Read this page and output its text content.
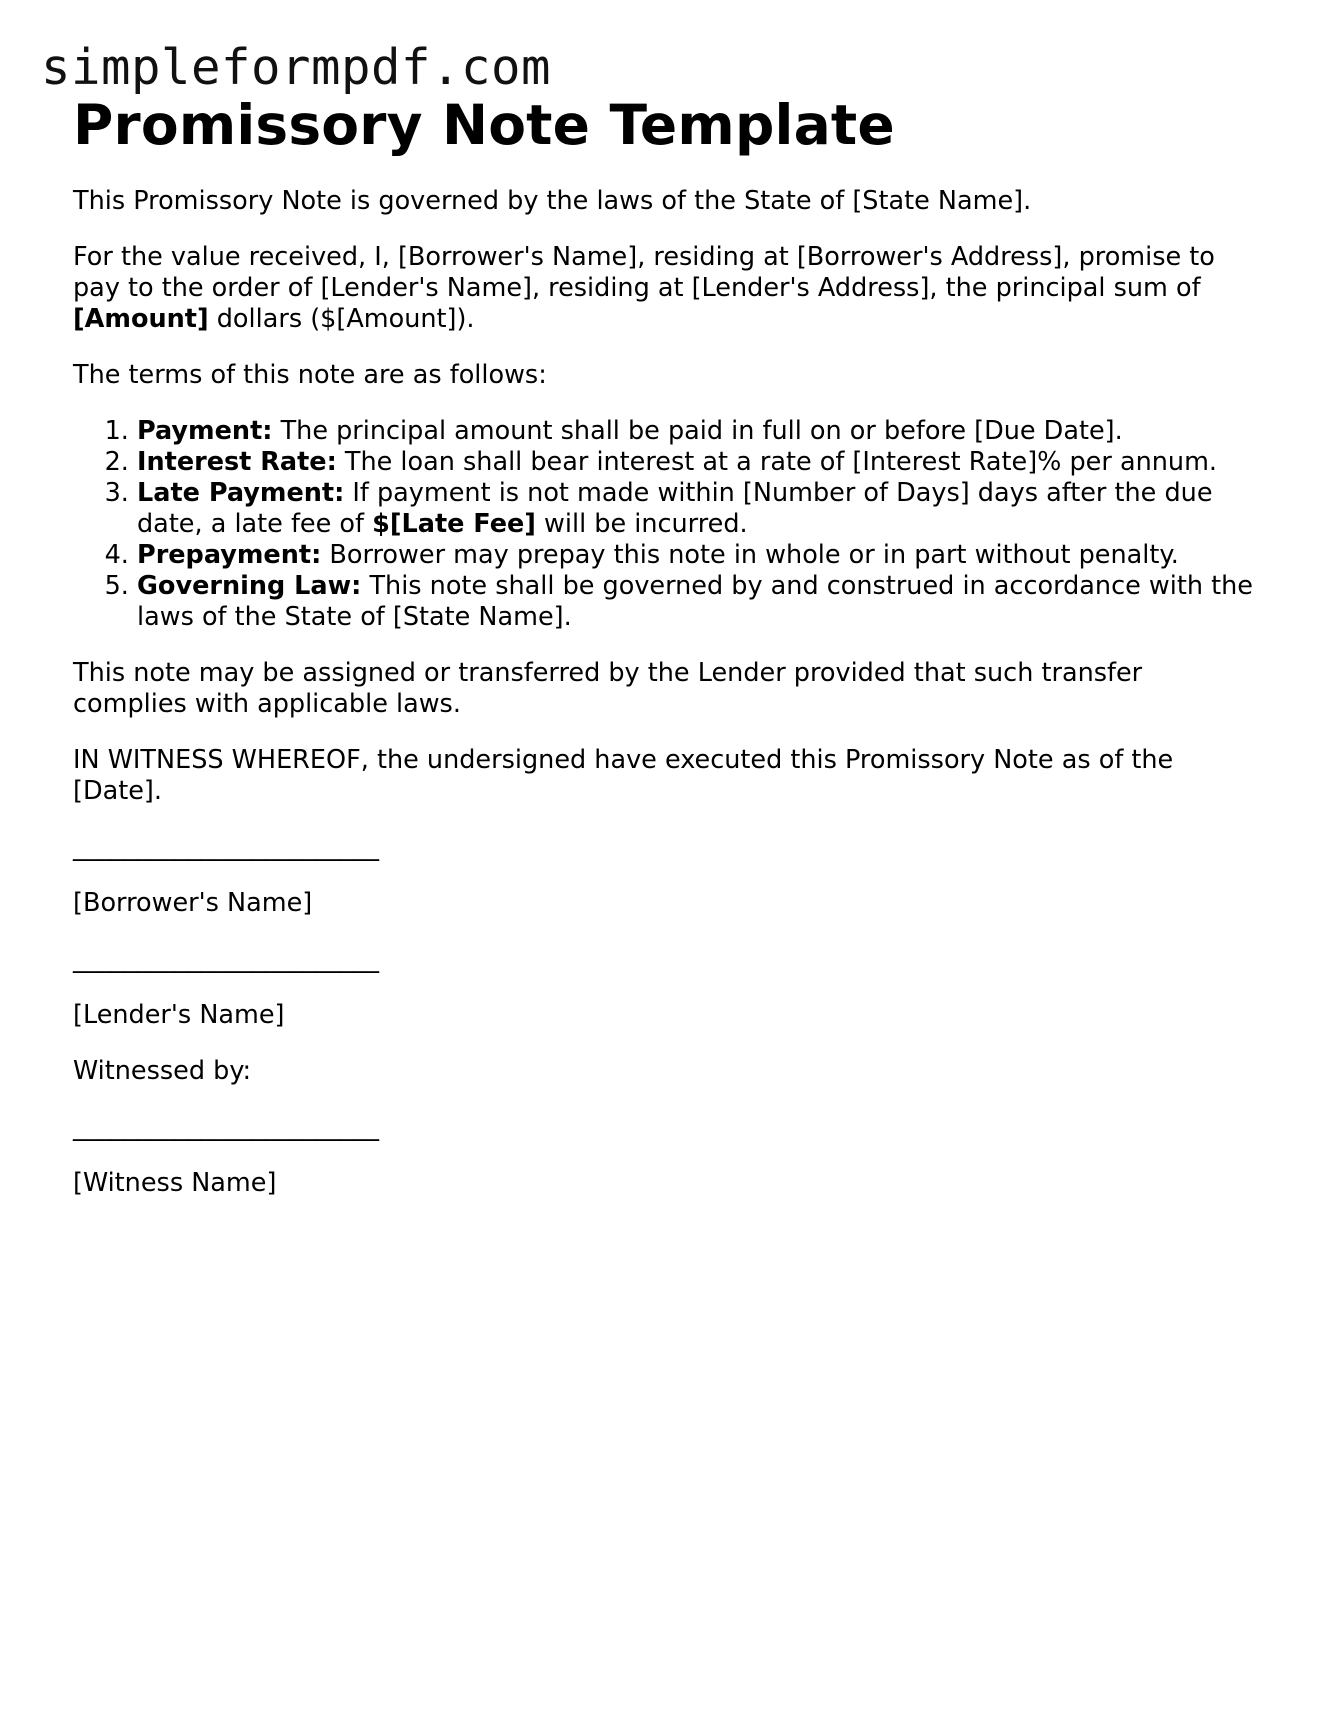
simpleformpdf.com
Promissory Note Template

This Promissory Note is governed by the laws of the State of [State Name].

For the value received, I, [Borrower's Name], residing at [Borrower's Address], promise to pay to the order of [Lender's Name], residing at [Lender's Address], the principal sum of [Amount] dollars ($[Amount]).

The terms of this note are as follows:

1. Payment: The principal amount shall be paid in full on or before [Due Date].
2. Interest Rate: The loan shall bear interest at a rate of [Interest Rate]% per annum.
3. Late Payment: If payment is not made within [Number of Days] days after the due date, a late fee of $[Late Fee] will be incurred.
4. Prepayment: Borrower may prepay this note in whole or in part without penalty.
5. Governing Law: This note shall be governed by and construed in accordance with the laws of the State of [State Name].

This note may be assigned or transferred by the Lender provided that such transfer complies with applicable laws.

IN WITNESS WHEREOF, the undersigned have executed this Promissory Note as of the [Date].

________________________

[Borrower's Name]

________________________

[Lender's Name]

Witnessed by:

________________________

[Witness Name]
